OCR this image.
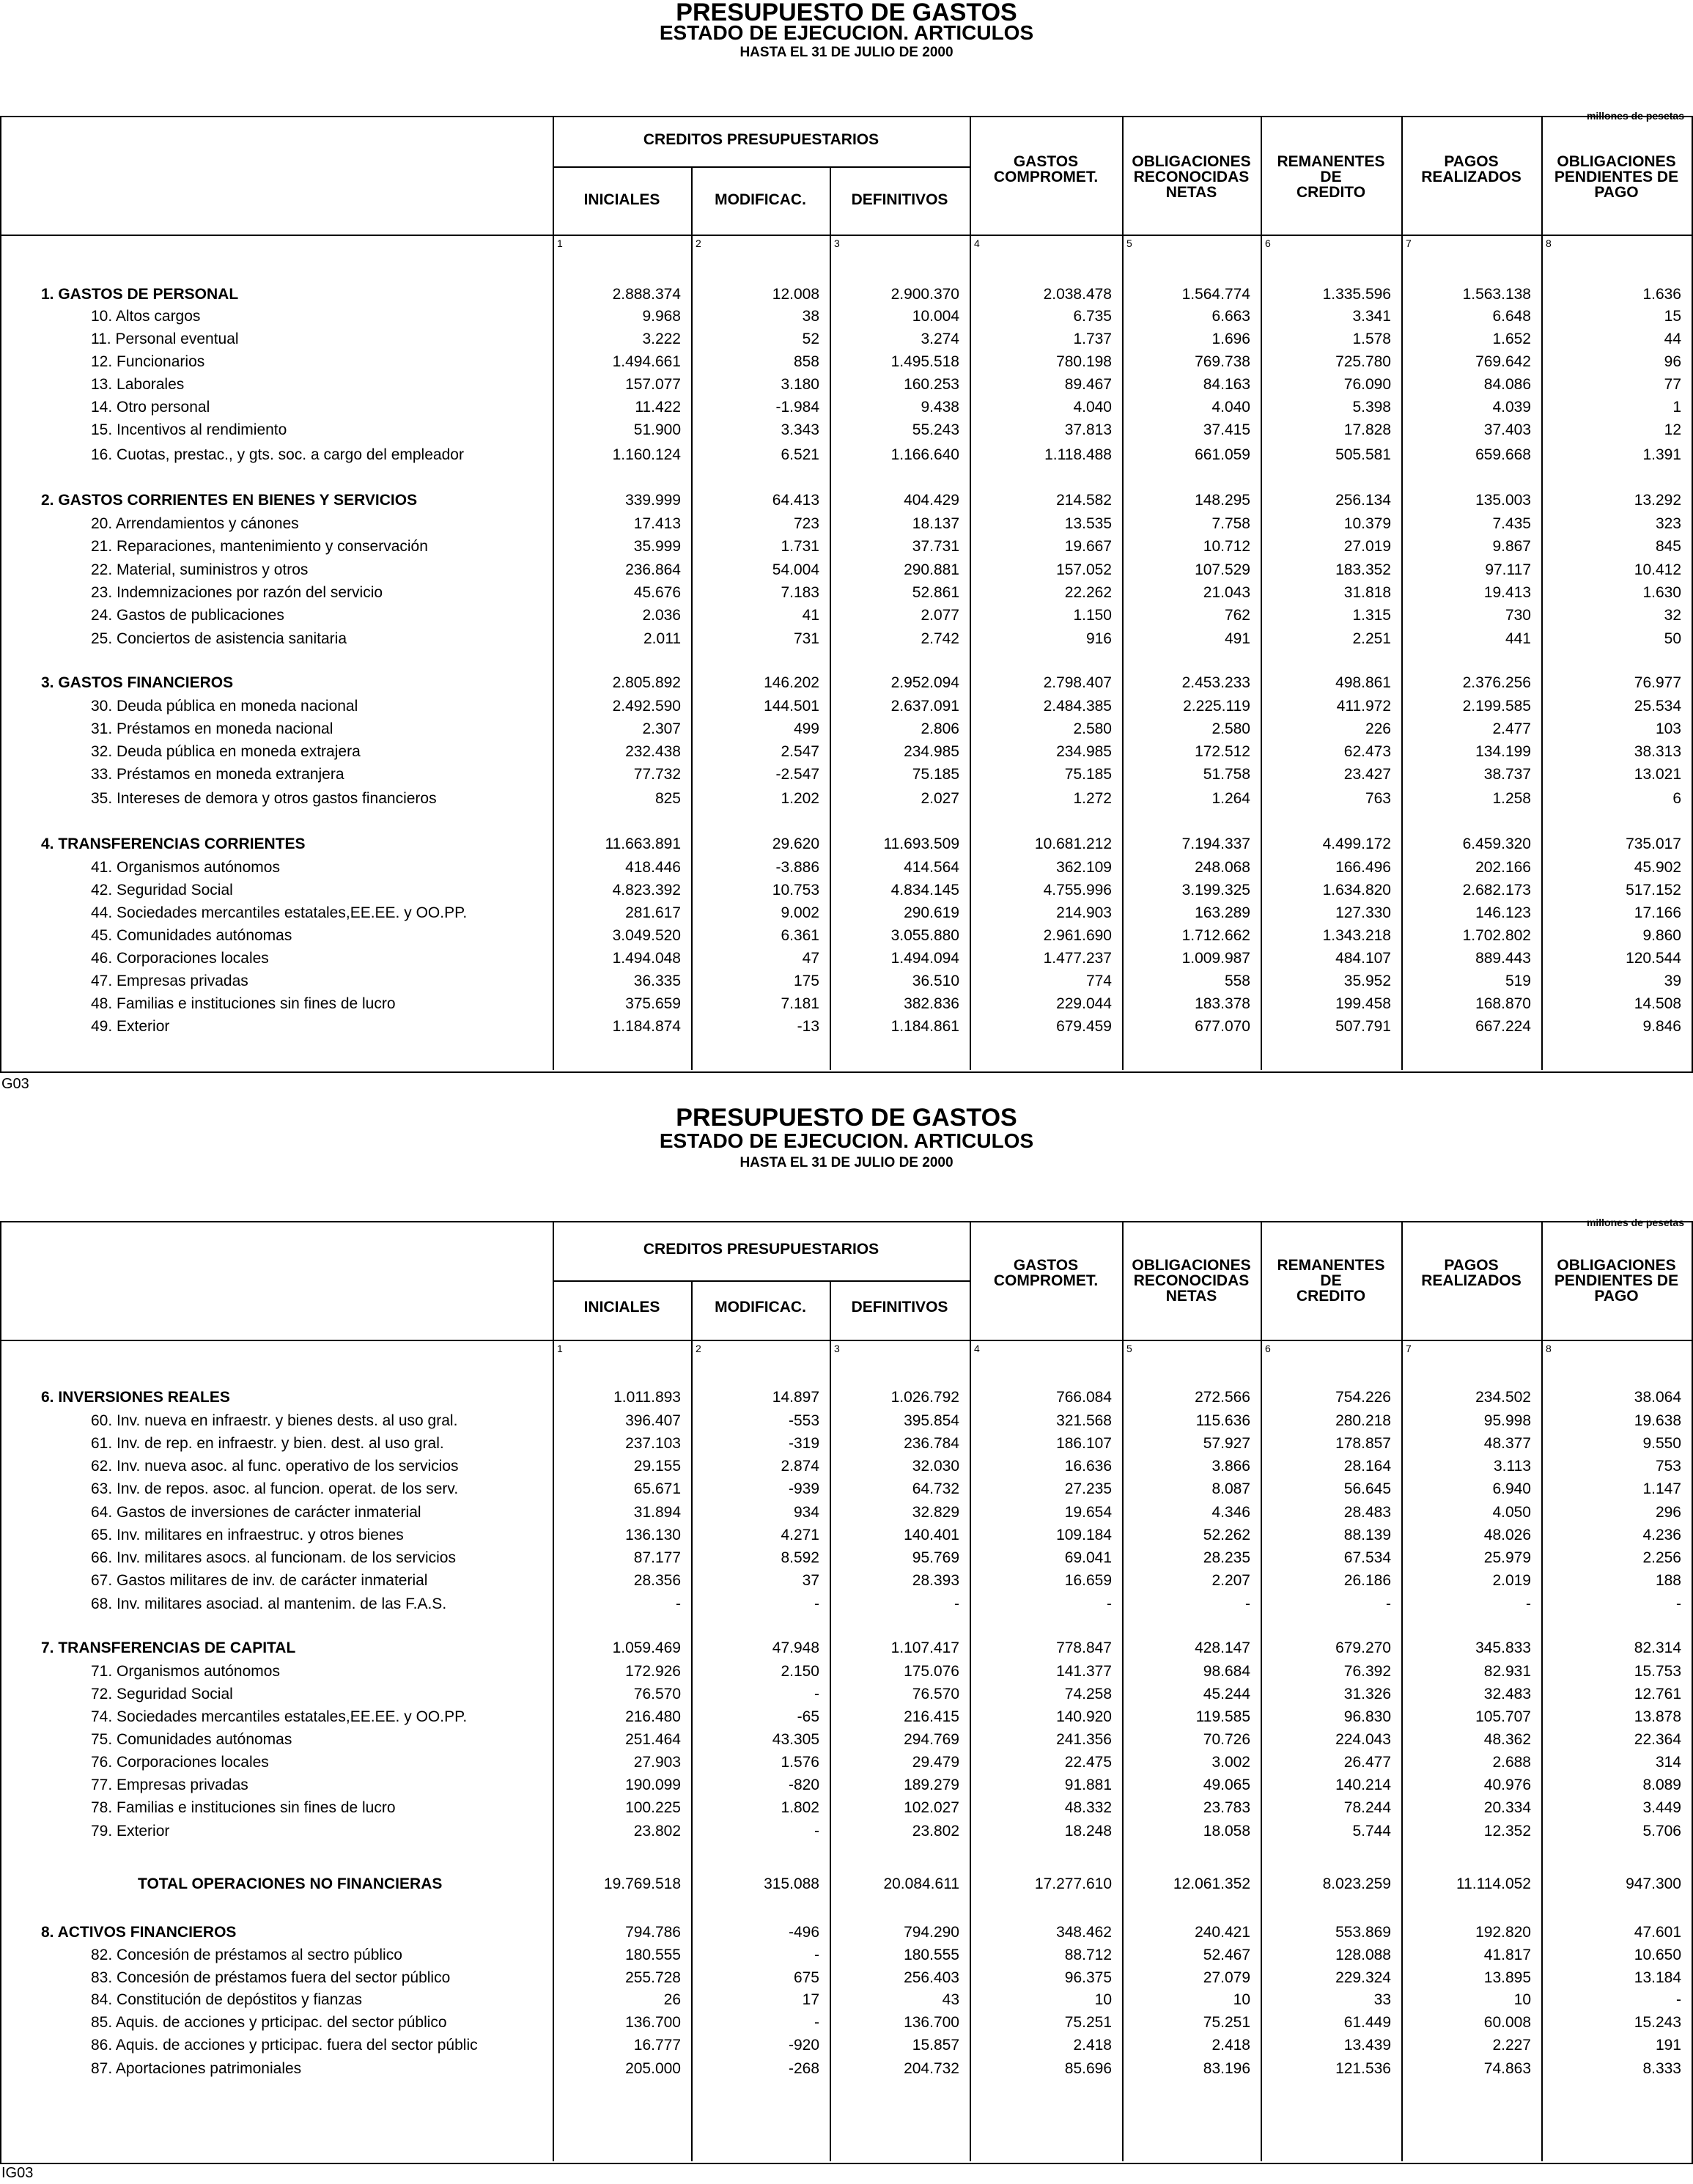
PRESUPUESTO DE GASTOS
ESTADO DE EJECUCION. ARTICULOS
HASTA EL 31 DE JULIO DE 2000
millones de pesetas
CREDITOS PRESUPUESTARIOS
INICIALES	MODIFICAC.	DEFINITIVOS
GASTOS
COMPROMET.
OBLIGACIONES
RECONOCIDAS
NETAS
REMANENTES
DE
CREDITO
PAGOS
REALIZADOS
OBLIGACIONES
PENDIENTES DE
PAGO
1	2	3	4	5	6	7	8
1. GASTOS DE PERSONAL	2.888.374	12.008	2.900.370	2.038.478	1.564.774	1.335.596	1.563.138	1.636
10. Altos cargos	9.968	38	10.004	6.735	6.663	3.341	6.648	15
11. Personal eventual	3.222	52	3.274	1.737	1.696	1.578	1.652	44
12. Funcionarios	1.494.661	858	1.495.518	780.198	769.738	725.780	769.642	96
13. Laborales	157.077	3.180	160.253	89.467	84.163	76.090	84.086	77
14. Otro personal	11.422	-1.984	9.438	4.040	4.040	5.398	4.039	1
15. Incentivos al rendimiento	51.900	3.343	55.243	37.813	37.415	17.828	37.403	12
16. Cuotas, prestac., y gts. soc. a cargo del empleador	1.160.124	6.521	1.166.640	1.118.488	661.059	505.581	659.668	1.391
2. GASTOS CORRIENTES EN BIENES Y SERVICIOS	339.999	64.413	404.429	214.582	148.295	256.134	135.003	13.292
20. Arrendamientos y cánones	17.413	723	18.137	13.535	7.758	10.379	7.435	323
21. Reparaciones, mantenimiento y conservación	35.999	1.731	37.731	19.667	10.712	27.019	9.867	845
22. Material, suministros y otros	236.864	54.004	290.881	157.052	107.529	183.352	97.117	10.412
23. Indemnizaciones por razón del servicio	45.676	7.183	52.861	22.262	21.043	31.818	19.413	1.630
24. Gastos de publicaciones	2.036	41	2.077	1.150	762	1.315	730	32
25. Conciertos de asistencia sanitaria	2.011	731	2.742	916	491	2.251	441	50
3. GASTOS FINANCIEROS	2.805.892	146.202	2.952.094	2.798.407	2.453.233	498.861	2.376.256	76.977
30. Deuda pública en moneda nacional	2.492.590	144.501	2.637.091	2.484.385	2.225.119	411.972	2.199.585	25.534
31. Préstamos en moneda nacional	2.307	499	2.806	2.580	2.580	226	2.477	103
32. Deuda pública en moneda extrajera	232.438	2.547	234.985	234.985	172.512	62.473	134.199	38.313
33. Préstamos en moneda extranjera	77.732	-2.547	75.185	75.185	51.758	23.427	38.737	13.021
35. Intereses de demora y otros gastos financieros	825	1.202	2.027	1.272	1.264	763	1.258	6
4. TRANSFERENCIAS CORRIENTES	11.663.891	29.620	11.693.509	10.681.212	7.194.337	4.499.172	6.459.320	735.017
41. Organismos autónomos	418.446	-3.886	414.564	362.109	248.068	166.496	202.166	45.902
42. Seguridad Social	4.823.392	10.753	4.834.145	4.755.996	3.199.325	1.634.820	2.682.173	517.152
44. Sociedades mercantiles estatales,EE.EE. y OO.PP.	281.617	9.002	290.619	214.903	163.289	127.330	146.123	17.166
45. Comunidades autónomas	3.049.520	6.361	3.055.880	2.961.690	1.712.662	1.343.218	1.702.802	9.860
46. Corporaciones locales	1.494.048	47	1.494.094	1.477.237	1.009.987	484.107	889.443	120.544
47. Empresas privadas	36.335	175	36.510	774	558	35.952	519	39
48. Familias e instituciones sin fines de lucro	375.659	7.181	382.836	229.044	183.378	199.458	168.870	14.508
49. Exterior	1.184.874	-13	1.184.861	679.459	677.070	507.791	667.224	9.846
G03
PRESUPUESTO DE GASTOS
ESTADO DE EJECUCION. ARTICULOS
HASTA EL 31 DE JULIO DE 2000
millones de pesetas
CREDITOS PRESUPUESTARIOS
INICIALES	MODIFICAC.	DEFINITIVOS
GASTOS
COMPROMET.
OBLIGACIONES
RECONOCIDAS
NETAS
REMANENTES
DE
CREDITO
PAGOS
REALIZADOS
OBLIGACIONES
PENDIENTES DE
PAGO
1	2	3	4	5	6	7	8
6. INVERSIONES REALES	1.011.893	14.897	1.026.792	766.084	272.566	754.226	234.502	38.064
60. Inv. nueva en infraestr. y bienes dests. al uso gral.	396.407	-553	395.854	321.568	115.636	280.218	95.998	19.638
61. Inv. de rep. en infraestr. y bien. dest. al uso gral.	237.103	-319	236.784	186.107	57.927	178.857	48.377	9.550
62. Inv. nueva asoc. al func. operativo de los servicios	29.155	2.874	32.030	16.636	3.866	28.164	3.113	753
63. Inv. de repos. asoc. al funcion. operat. de los serv.	65.671	-939	64.732	27.235	8.087	56.645	6.940	1.147
64. Gastos de inversiones de carácter inmaterial	31.894	934	32.829	19.654	4.346	28.483	4.050	296
65. Inv. militares en infraestruc. y otros bienes	136.130	4.271	140.401	109.184	52.262	88.139	48.026	4.236
66. Inv. militares asocs. al funcionam. de los servicios	87.177	8.592	95.769	69.041	28.235	67.534	25.979	2.256
67. Gastos militares de inv. de carácter inmaterial	28.356	37	28.393	16.659	2.207	26.186	2.019	188
68. Inv. militares asociad. al mantenim. de las F.A.S.	-	-	-	-	-	-	-	-
7. TRANSFERENCIAS DE CAPITAL	1.059.469	47.948	1.107.417	778.847	428.147	679.270	345.833	82.314
71. Organismos autónomos	172.926	2.150	175.076	141.377	98.684	76.392	82.931	15.753
72. Seguridad Social	76.570	-	76.570	74.258	45.244	31.326	32.483	12.761
74. Sociedades mercantiles estatales,EE.EE. y OO.PP.	216.480	-65	216.415	140.920	119.585	96.830	105.707	13.878
75. Comunidades autónomas	251.464	43.305	294.769	241.356	70.726	224.043	48.362	22.364
76. Corporaciones locales	27.903	1.576	29.479	22.475	3.002	26.477	2.688	314
77. Empresas privadas	190.099	-820	189.279	91.881	49.065	140.214	40.976	8.089
78. Familias e instituciones sin fines de lucro	100.225	1.802	102.027	48.332	23.783	78.244	20.334	3.449
79. Exterior	23.802	-	23.802	18.248	18.058	5.744	12.352	5.706
TOTAL OPERACIONES NO FINANCIERAS	19.769.518	315.088	20.084.611	17.277.610	12.061.352	8.023.259	11.114.052	947.300
8. ACTIVOS FINANCIEROS	794.786	-496	794.290	348.462	240.421	553.869	192.820	47.601
82. Concesión de préstamos al sectro público	180.555	-	180.555	88.712	52.467	128.088	41.817	10.650
83. Concesión de préstamos fuera del sector público	255.728	675	256.403	96.375	27.079	229.324	13.895	13.184
84. Constitución de depóstitos y fianzas	26	17	43	10	10	33	10	-
85. Aquis. de acciones y prticipac. del sector público	136.700	-	136.700	75.251	75.251	61.449	60.008	15.243
86. Aquis. de acciones y prticipac. fuera del sector públic	16.777	-920	15.857	2.418	2.418	13.439	2.227	191
87. Aportaciones patrimoniales	205.000	-268	204.732	85.696	83.196	121.536	74.863	8.333
IG03
